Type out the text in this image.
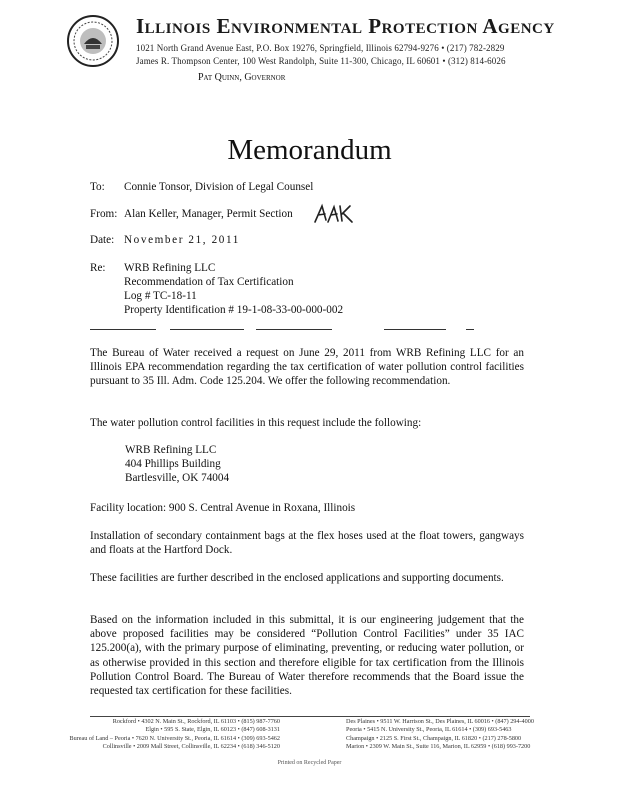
Illinois Environmental Protection Agency
1021 North Grand Avenue East, P.O. Box 19276, Springfield, Illinois 62794-9276 • (217) 782-2829
James R. Thompson Center, 100 West Randolph, Suite 11-300, Chicago, IL 60601 • (312) 814-6026
Pat Quinn, Governor
Memorandum
To: Connie Tonsor, Division of Legal Counsel
From: Alan Keller, Manager, Permit Section
Date: November 21, 2011
Re: WRB Refining LLC
Recommendation of Tax Certification
Log # TC-18-11
Property Identification # 19-1-08-33-00-000-002
The Bureau of Water received a request on June 29, 2011 from WRB Refining LLC for an Illinois EPA recommendation regarding the tax certification of water pollution control facilities pursuant to 35 Ill. Adm. Code 125.204. We offer the following recommendation.
The water pollution control facilities in this request include the following:
WRB Refining LLC
404 Phillips Building
Bartlesville, OK 74004
Facility location: 900 S. Central Avenue in Roxana, Illinois
Installation of secondary containment bags at the flex hoses used at the float towers, gangways and floats at the Hartford Dock.
These facilities are further described in the enclosed applications and supporting documents.
Based on the information included in this submittal, it is our engineering judgement that the above proposed facilities may be considered “Pollution Control Facilities” under 35 IAC 125.200(a), with the primary purpose of eliminating, preventing, or reducing water pollution, or as otherwise provided in this section and therefore eligible for tax certification from the Illinois Pollution Control Board. The Bureau of Water therefore recommends that the Board issue the requested tax certification for these facilities.
Rockford • 4302 N. Main St., Rockford, IL 61103 • (815) 987-7760
Elgin • 595 S. State, Elgin, IL 60123 • (847) 608-3131
Bureau of Land – Peoria • 7620 N. University St., Peoria, IL 61614 • (309) 693-5462
Collinsville • 2009 Mall Street, Collinsville, IL 62234 • (618) 346-5120
Des Plaines • 9511 W. Harrison St., Des Plaines, IL 60016 • (847) 294-4000
Peoria • 5415 N. University St., Peoria, IL 61614 • (309) 693-5463
Champaign • 2125 S. First St., Champaign, IL 61820 • (217) 278-5800
Marion • 2309 W. Main St., Suite 116, Marion, IL 62959 • (618) 993-7200
Printed on Recycled Paper
